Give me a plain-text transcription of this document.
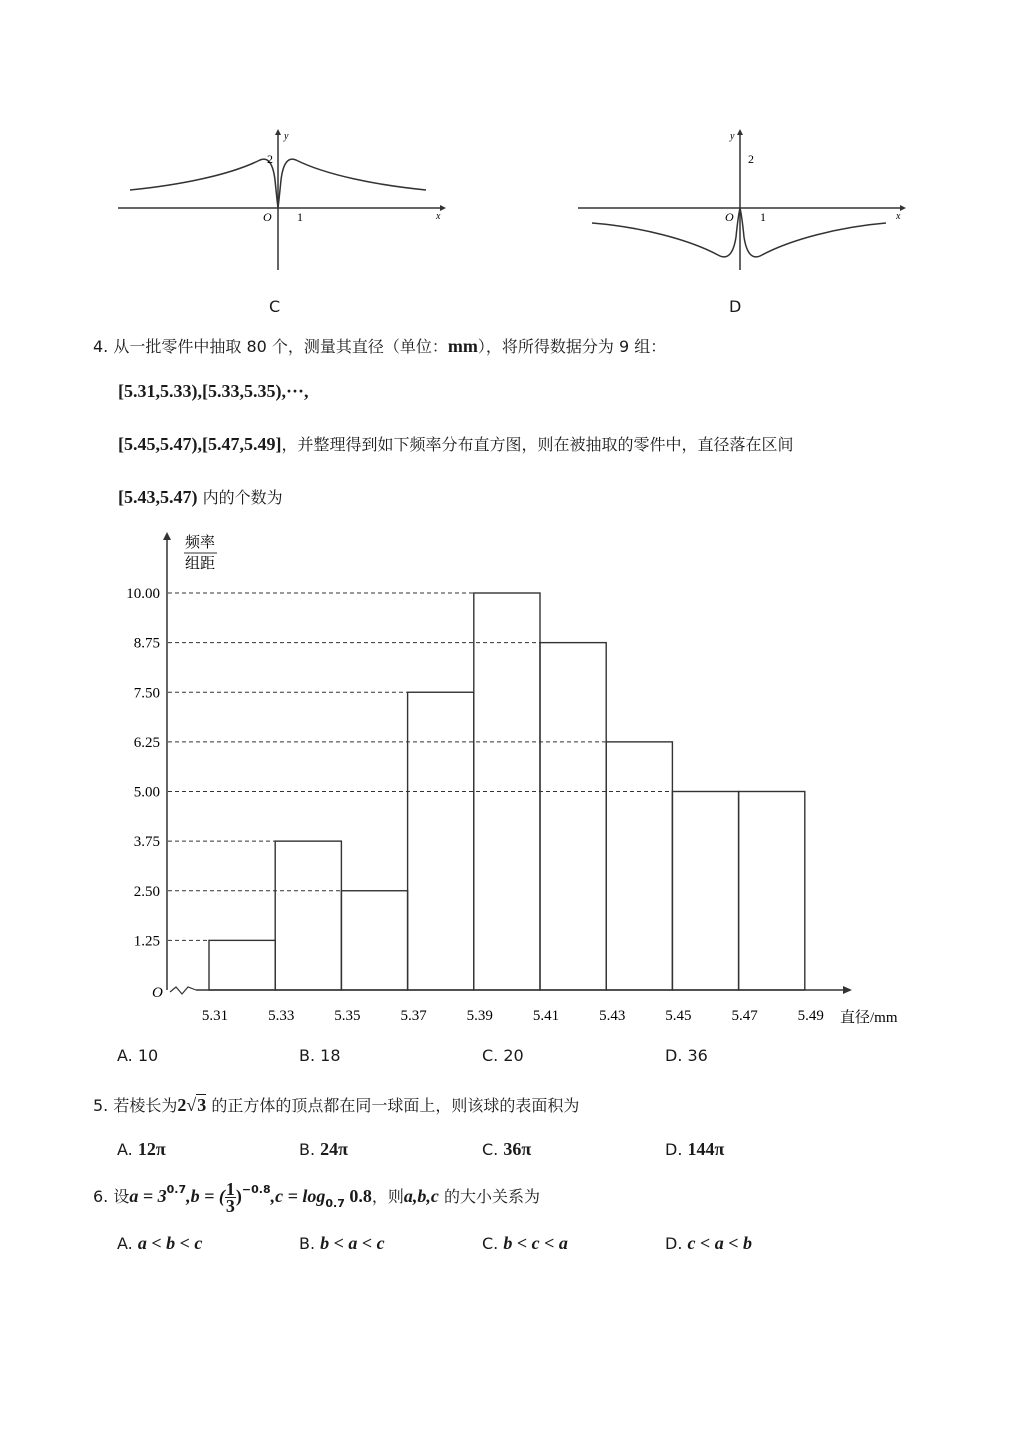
y
x
O 1
2
C
y
x
O 1
2
D
4. 从一批零件中抽取 80 个，测量其直径（单位：mm），将所得数据分为 9 组：
[5.31,5.33),[5.33,5.35),···,
[5.45,5.47),[5.47,5.49]，并整理得到如下频率分布直方图，则在被抽取的零件中，直径落在区间
[5.43,5.47) 内的个数为
1.25
2.50
3.75
5.00
6.25
7.50
8.75
10.00
5.31	5.33	5.35	5.37	5.39	5.41	5.43	5.45	5.47	5.49
频率
组距
O
直径/mm
A. 10	B. 18	C. 20	D. 36
5. 若棱长为2√3 的正方体的顶点都在同一球面上，则该球的表面积为
A. 12π	B. 24π	C. 36π	D. 144π
6. 设$a = 3^{0.7},b$ = ( $\frac{1}{3} )^{-0.8},c = \log_{0.7} 0.8$，则a,b,c 的大小关系为
A. a < b < c	B. b < a < c	C. b < c < a	D. c < a < b
